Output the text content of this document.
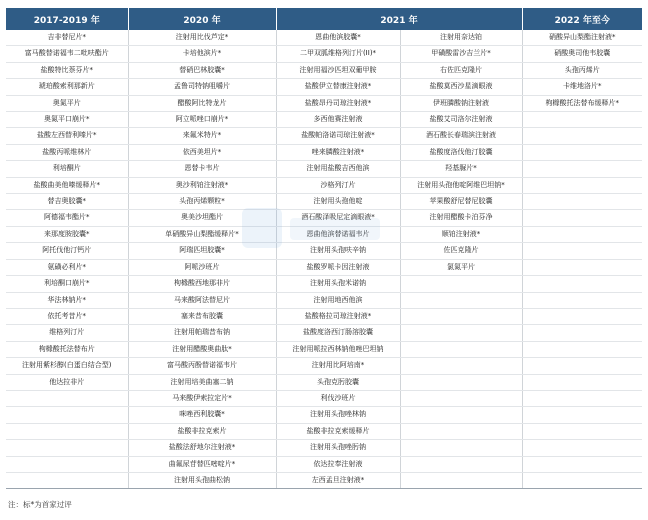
2017-2019 年	2020 年	2021 年		2022 年至今
吉非替尼片*	注射用比伐芦定*	恩曲他滨胶囊*	注射用奈达铂	硝酸异山梨酯注射液*
富马酸替诺福韦二吡呋酯片	卡培他滨片*	二甲双胍维格列汀片(II)*	甲磺酸雷沙吉兰片*	硝酸奥司他韦胶囊
盐酸特比萘芬片*	替硝巴林胶囊*	注射用福沙匹坦双葡甲胺	右佐匹克隆片	头孢丙烯片
琥珀酸索利那新片	孟鲁司特钠咀嚼片	盐酸伊立替康注射液*	盐酸莫西沙星滴眼液	卡维地洛片*
奥氮平片	醋酸阿比特龙片	盐酸昂丹司琼注射液*	伊班膦酸钠注射液	枸橼酸托法替布缓释片*
奥氮平口崩片*	阿立哌唑口崩片*	多西他赛注射液	盐酸艾司洛尔注射液	
盐酸左西替利嗪片*	来氟米特片*	盐酸帕洛诺司琼注射液*	酒石酸长春瑞滨注射液	
盐酸丙哌维林片	依西美坦片*	唑来膦酸注射液*	盐酸度洛伐他汀胶囊	
利培酮片	恩替卡韦片	注射用盐酸吉西他滨	羟基脲片*	
盐酸曲美他嗪缓释片*	奥沙利铂注射液*	沙格列汀片	注射用头孢他啶阿维巴坦钠*	
替吉奥胶囊*	头孢丙烯颗粒*	注射用头孢他啶	苹果酸舒尼替尼胶囊	
阿德福韦酯片*	奥美沙坦酯片	酒石酸泽吸尼定滴眼液*	注射用醋酸卡泊芬净	
来那度胺胶囊*	单硝酸异山梨酯缓释片*	恩曲他滨替诺福韦片	顺铂注射液*	
阿托伐他汀钙片	阿瑞匹坦胶囊*	注射用头孢呋辛钠	佐匹克隆片	
氨磺必利片*	阿哌沙班片	盐酸罗哌卡因注射液	氯氮平片	
利培酮口崩片*	枸橼酸西地那非片	注射用头孢米诺钠		
华法林钠片*	马来酸阿法替尼片	注射用地西他滨		
依托考昔片*	塞来昔布胶囊	盐酸格拉司琼注射液*		
维格列汀片	注射用帕瑞昔布钠	盐酸度洛西汀肠溶胶囊		
枸橼酸托法替布片	注射用醋酸奥曲肽*	注射用哌拉西林钠他唑巴坦钠		
注射用紫杉醇(白蛋白结合型)	富马酸丙酚替诺福韦片	注射用比阿培南*		
他达拉非片	注射用培美曲塞二钠	头孢克肟胶囊		
	马来酸伊索拉定片*	利伐沙班片		
	咪唑西利胶囊*	注射用头孢唑林钠		
	盐酸非拉克索片	盐酸非拉克索缓释片		
	盐酸法舒地尔注射液*	注射用头孢唑肟钠		
	曲氟尿苷替匹嘧啶片*	依达拉奉注射液		
	注射用头孢曲松钠	左西孟旦注射液*		
注：标*为首家过评
